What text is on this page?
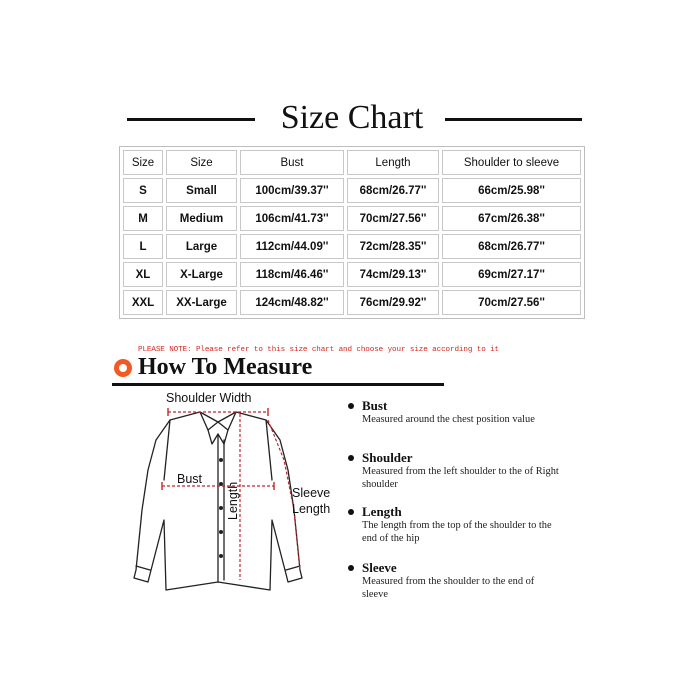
Size Chart
Size	Size	Bust	Length	Shoulder to sleeve
S	Small	100cm/39.37''	68cm/26.77''	66cm/25.98''
M	Medium	106cm/41.73''	70cm/27.56''	67cm/26.38''
L	Large	112cm/44.09''	72cm/28.35''	68cm/26.77''
XL	X-Large	118cm/46.46''	74cm/29.13''	69cm/27.17''
XXL	XX-Large	124cm/48.82''	76cm/29.92''	70cm/27.56''
PLEASE NOTE: Please refer to this size chart and choose your size according to it
How To Measure
Shoulder Width
Bust
Sleeve
Length
Length
Bust
Measured around the chest position value
Shoulder
Measured from the left shoulder to the of Right shoulder
Length
The length from the top of the shoulder to the end of the hip
Sleeve
Measured from the shoulder to the end of sleeve
